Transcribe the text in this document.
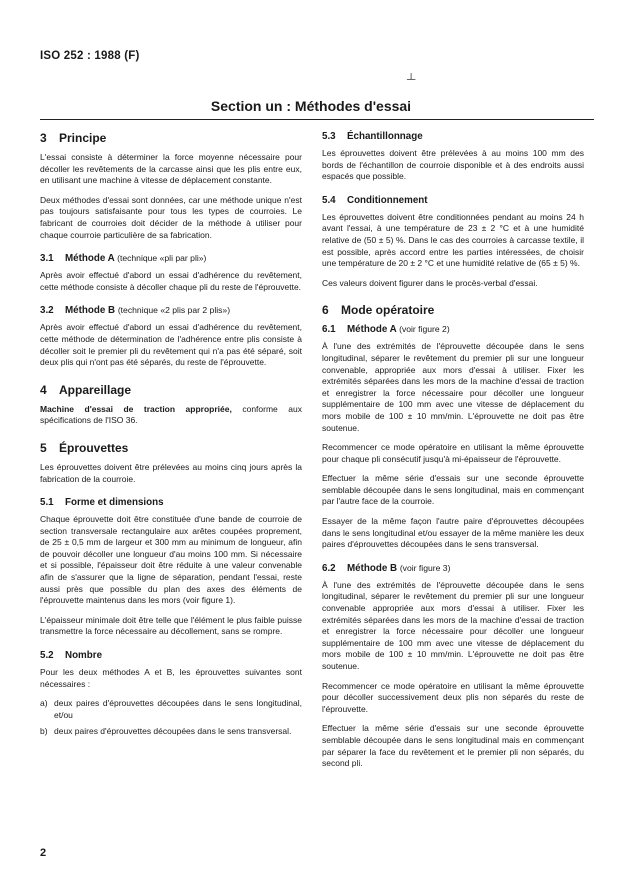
ISO 252 : 1988 (F)
ـلـ
Section un : Méthodes d'essai
3 Principe

L'essai consiste à déterminer la force moyenne nécessaire pour décoller les revêtements de la carcasse ainsi que les plis entre eux, en utilisant une machine à vitesse de déplacement constante.

Deux méthodes d'essai sont données, car une méthode unique n'est pas toujours satisfaisante pour tous les types de courroies. Le fabricant de courroies doit décider de la méthode à utiliser pour chaque courroie particulière de sa fabrication.

3.1 Méthode A (technique «pli par pli»)

Après avoir effectué d'abord un essai d'adhérence du revêtement, cette méthode consiste à décoller chaque pli du reste de l'éprouvette.

3.2 Méthode B (technique «2 plis par 2 plis»)

Après avoir effectué d'abord un essai d'adhérence du revêtement, cette méthode de détermination de l'adhérence entre plis consiste à décoller soit le premier pli du revêtement qui n'a pas été séparé, soit deux plis qui n'ont pas été séparés, du reste de l'éprouvette.

4 Appareillage

Machine d'essai de traction appropriée, conforme aux spécifications de l'ISO 36.

5 Éprouvettes

Les éprouvettes doivent être prélevées au moins cinq jours après la fabrication de la courroie.

5.1 Forme et dimensions

Chaque éprouvette doit être constituée d'une bande de courroie de section transversale rectangulaire aux arêtes coupées proprement, de 25 ± 0,5 mm de largeur et 300 mm au minimum de longueur, afin de pouvoir décoller une longueur d'au moins 100 mm. Si nécessaire et si possible, l'épaisseur doit être réduite à une valeur convenable afin de s'assurer que la ligne de séparation, pendant l'essai, reste aussi près que possible du plan des axes des éléments de l'éprouvette maintenus dans les mors (voir figure 1).

L'épaisseur minimale doit être telle que l'élément le plus faible puisse transmettre la force nécessaire au décollement, sans se rompre.

5.2 Nombre

Pour les deux méthodes A et B, les éprouvettes suivantes sont nécessaires :

a) deux paires d'éprouvettes découpées dans le sens longitudinal, et/ou
b) deux paires d'éprouvettes découpées dans le sens transversal.
5.3 Échantillonnage

Les éprouvettes doivent être prélevées à au moins 100 mm des bords de l'échantillon de courroie disponible et à des endroits aussi espacés que possible.

5.4 Conditionnement

Les éprouvettes doivent être conditionnées pendant au moins 24 h avant l'essai, à une température de 23 ± 2 °C et à une humidité relative de (50 ± 5) %. Dans le cas des courroies à carcasse textile, il est possible, après accord entre les parties intéressées, de choisir une température de 20 ± 2 °C et une humidité relative de (65 ± 5) %.

Ces valeurs doivent figurer dans le procès-verbal d'essai.

6 Mode opératoire
6.1 Méthode A (voir figure 2)

À l'une des extrémités de l'éprouvette découpée dans le sens longitudinal, séparer le revêtement du premier pli sur une longueur convenable, appropriée aux mors d'essai à utiliser. Fixer les extrémités séparées dans les mors de la machine d'essai de traction et enregistrer la force nécessaire pour décoller une longueur supplémentaire de 100 mm avec une vitesse de déplacement du mors mobile de 100 ± 10 mm/min. L'éprouvette ne doit pas être soutenue.

Recommencer ce mode opératoire en utilisant la même éprouvette pour chaque pli consécutif jusqu'à mi-épaisseur de l'éprouvette.

Effectuer la même série d'essais sur une seconde éprouvette semblable découpée dans le sens longitudinal, mais en commençant par l'autre face de la courroie.

Essayer de la même façon l'autre paire d'éprouvettes découpées dans le sens longitudinal et/ou essayer de la même manière les deux paires d'éprouvettes découpées dans le sens transversal.

6.2 Méthode B (voir figure 3)

À l'une des extrémités de l'éprouvette découpée dans le sens longitudinal, séparer le revêtement du premier pli sur une longueur convenable appropriée aux mors d'essai à utiliser. Fixer les extrémités séparées dans les mors de la machine d'essai de traction et enregistrer la force nécessaire pour décoller une longueur supplémentaire de 100 mm avec une vitesse de déplacement du mors mobile de 100 ± 10 mm/min. L'éprouvette ne doit pas être soutenue.

Recommencer ce mode opératoire en utilisant la même éprouvette pour décoller successivement deux plis non séparés du reste de l'éprouvette.

Effectuer la même série d'essais sur une seconde éprouvette semblable découpée dans le sens longitudinal mais en commençant par séparer la face du revêtement et le premier pli non séparés, du second pli.

2
